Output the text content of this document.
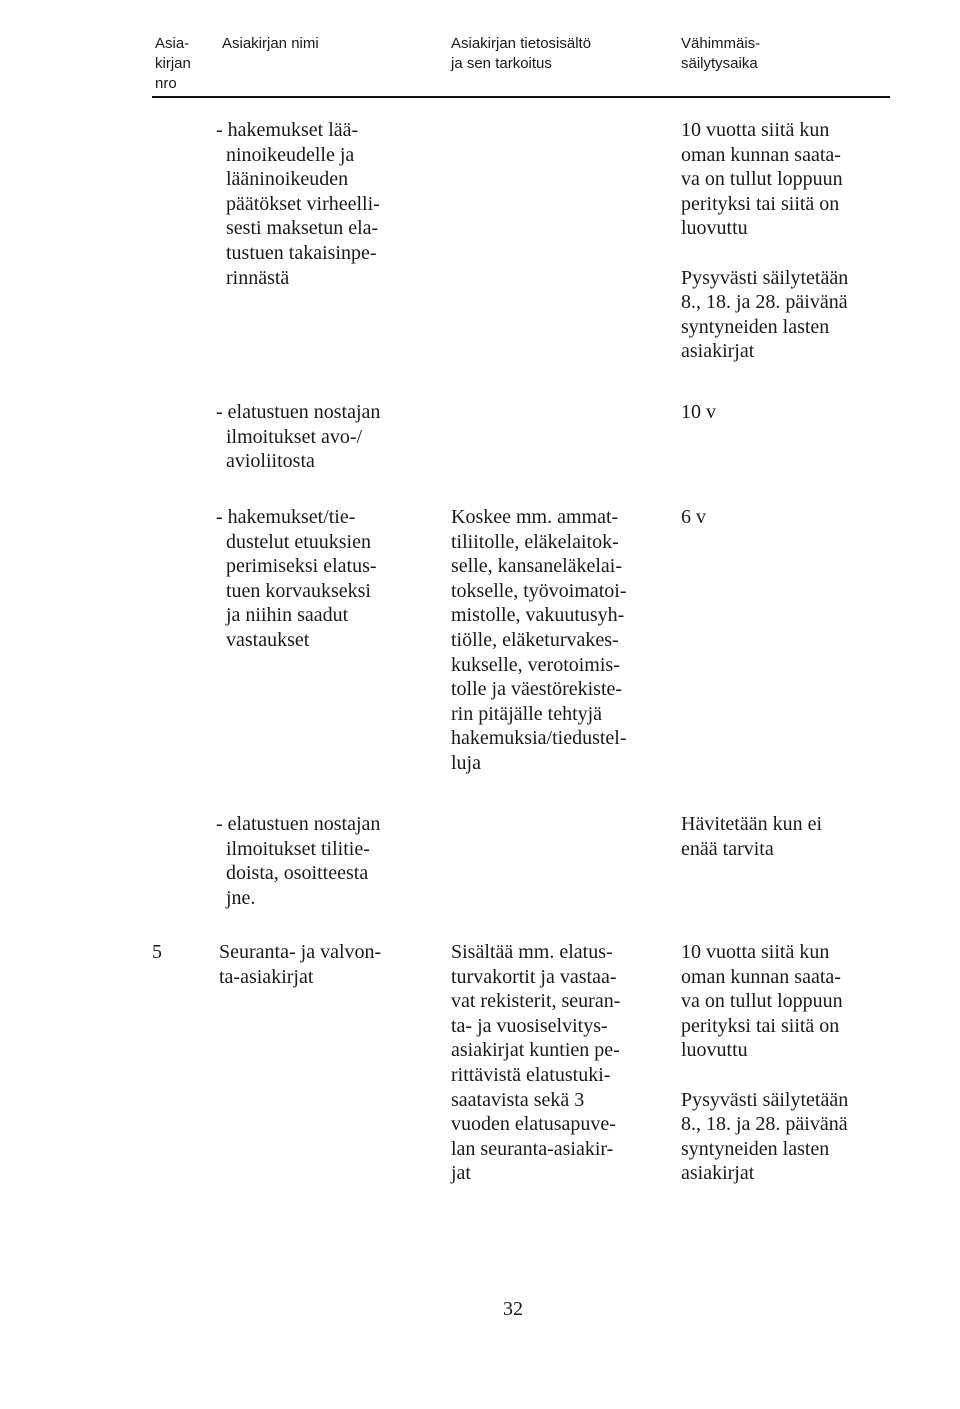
Asia-
kirjan
nro
Asiakirjan nimi	Asiakirjan tietosisältö
ja sen tarkoitus
Vähimmäis-
säilytysaika
- hakemukset lää-
ninoikeudelle ja
lääninoikeuden
päätökset virheelli-
sesti maksetun ela-
tustuen takaisinpe-
rinnästä
10 vuotta siitä kun
oman kunnan saata-
va on tullut loppuun
perityksi tai siitä on
luovuttu

Pysyvästi säilytetään
8., 18. ja 28. päivänä
syntyneiden lasten
asiakirjat
- elatustuen nostajan
ilmoitukset avo-/
avioliitosta
10 v
- hakemukset/tie-
dustelut etuuksien
perimiseksi elatus-
tuen korvaukseksi
ja niihin saadut
vastaukset
Koskee mm. ammat-
tiliitolle, eläkelaitok-
selle, kansaneläkelai-
tokselle, työvoimatoi-
mistolle, vakuutusyh-
tiölle, eläketurvakes-
kukselle, verotoimis-
tolle ja väestörekiste-
rin pitäjälle tehtyjä
hakemuksia/tiedustel-
luja
6 v
- elatustuen nostajan
ilmoitukset tilitie-
doista, osoitteesta
jne.
Hävitetään kun ei
enää tarvita
5	Seuranta- ja valvon-
ta-asiakirjat
Sisältää mm. elatus-
turvakortit ja vastaa-
vat rekisterit, seuran-
ta- ja vuosiselvitys-
asiakirjat kuntien pe-
rittävistä elatustuki-
saatavista sekä 3
vuoden elatusapuve-
lan seuranta-asiakir-
jat
10 vuotta siitä kun
oman kunnan saata-
va on tullut loppuun
perityksi tai siitä on
luovuttu

Pysyvästi säilytetään
8., 18. ja 28. päivänä
syntyneiden lasten
asiakirjat
32
